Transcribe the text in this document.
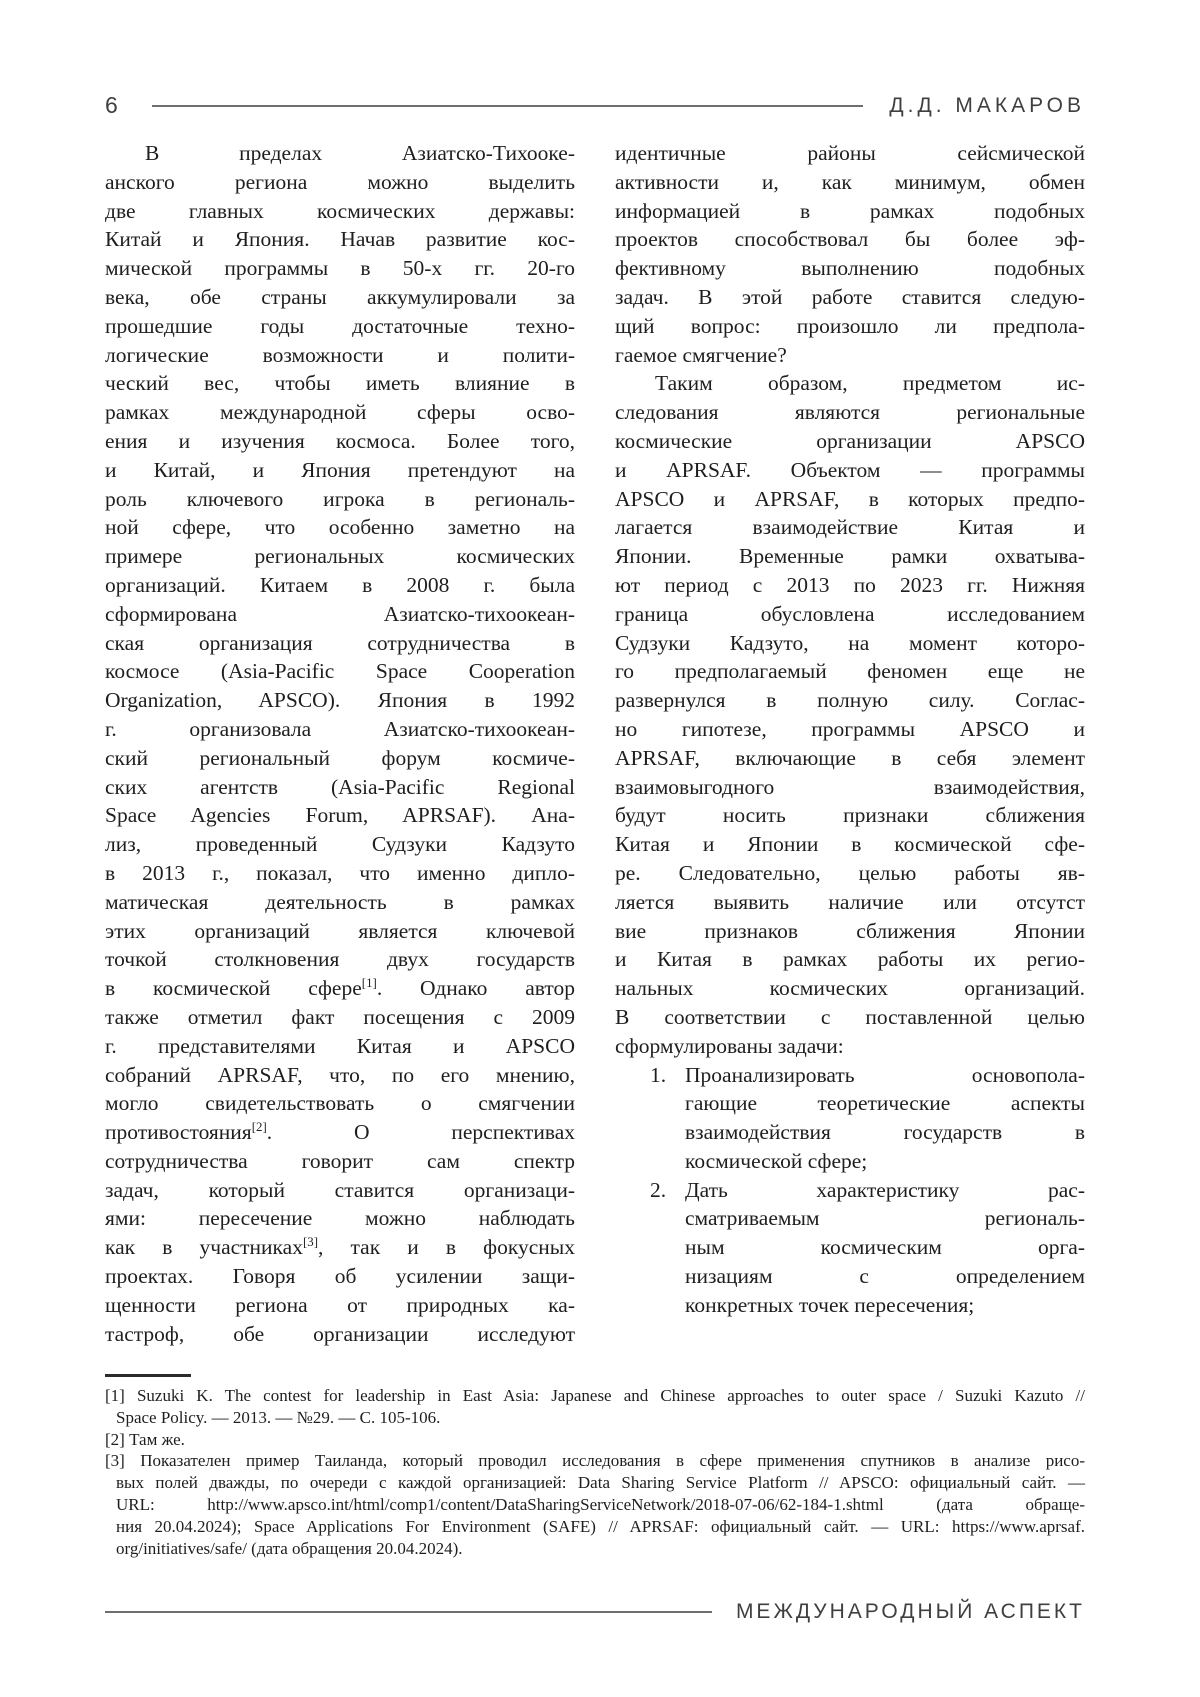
6	Д.Д. МАКАРОВ
В пределах Азиатско-Тихооке-
анского региона можно выделить
две главных космических державы:
Китай и Япония. Начав развитие кос-
мической программы в 50-х гг. 20-го
века, обе страны аккумулировали за
прошедшие годы достаточные техно-
логические возможности и полити-
ческий вес, чтобы иметь влияние в
рамках международной сферы осво-
ения и изучения космоса. Более того,
и Китай, и Япония претендуют на
роль ключевого игрока в региональ-
ной сфере, что особенно заметно на
примере региональных космических
организаций. Китаем в 2008 г. была
сформирована Азиатско-тихоокеан-
ская организация сотрудничества в
космосе (Asia-Pacific Space Cooperation
Organization, APSCO). Япония в 1992
г. организовала Азиатско-тихоокеан-
ский региональный форум космиче-
ских агентств (Asia-Pacific Regional
Space Agencies Forum, APRSAF). Ана-
лиз, проведенный Судзуки Кадзуто
в 2013 г., показал, что именно дипло-
матическая деятельность в рамках
этих организаций является ключевой
точкой столкновения двух государств
в космической сфере[1]. Однако автор
также отметил факт посещения с 2009
г. представителями Китая и APSCO
собраний APRSAF, что, по его мнению,
могло свидетельствовать о смягчении
противостояния[2]. О перспективах
сотрудничества говорит сам спектр
задач, который ставится организаци-
ями: пересечение можно наблюдать
как в участниках[3], так и в фокусных
проектах. Говоря об усилении защи-
щенности региона от природных ка-
тастроф, обе организации исследуют
идентичные районы сейсмической
активности и, как минимум, обмен
информацией в рамках подобных
проектов способствовал бы более эф-
фективному выполнению подобных
задач. В этой работе ставится следую-
щий вопрос: произошло ли предпола-
гаемое смягчение?
Таким образом, предметом ис-
следования являются региональные
космические организации APSCO
и APRSAF. Объектом — программы
APSCO и APRSAF, в которых предпо-
лагается взаимодействие Китая и
Японии. Временные рамки охватыва-
ют период с 2013 по 2023 гг. Нижняя
граница обусловлена исследованием
Судзуки Кадзуто, на момент которо-
го предполагаемый феномен еще не
развернулся в полную силу. Соглас-
но гипотезе, программы APSCO и
APRSAF, включающие в себя элемент
взаимовыгодного взаимодействия,
будут носить признаки сближения
Китая и Японии в космической сфе-
ре. Следовательно, целью работы яв-
ляется выявить наличие или отсутст
вие признаков сближения Японии
и Китая в рамках работы их регио-
нальных космических организаций.
В соответствии с поставленной целью
сформулированы задачи:
1. Проанализировать основопола-
гающие теоретические аспекты
взаимодействия государств в
космической сфере;
2. Дать характеристику рас-
сматриваемым региональ-
ным космическим орга-
низациям с определением
конкретных точек пересечения;
[1] Suzuki K. The contest for leadership in East Asia: Japanese and Chinese approaches to outer space / Suzuki Kazuto //
Space Policy. — 2013. — №29. — С. 105-106.
[2] Там же.
[3] Показателен пример Таиланда, который проводил исследования в сфере применения спутников в анализе рисо-
вых полей дважды, по очереди с каждой организацией: Data Sharing Service Platform // APSCO: официальный сайт. —
URL: http://www.apsco.int/html/comp1/content/DataSharingServiceNetwork/2018-07-06/62-184-1.shtml (дата обраще-
ния 20.04.2024); Space Applications For Environment (SAFE) // APRSAF: официальный сайт. — URL: https://www.aprsaf.
org/initiatives/safe/ (дата обращения 20.04.2024).
МЕЖДУНАРОДНЫЙ АСПЕКТ
